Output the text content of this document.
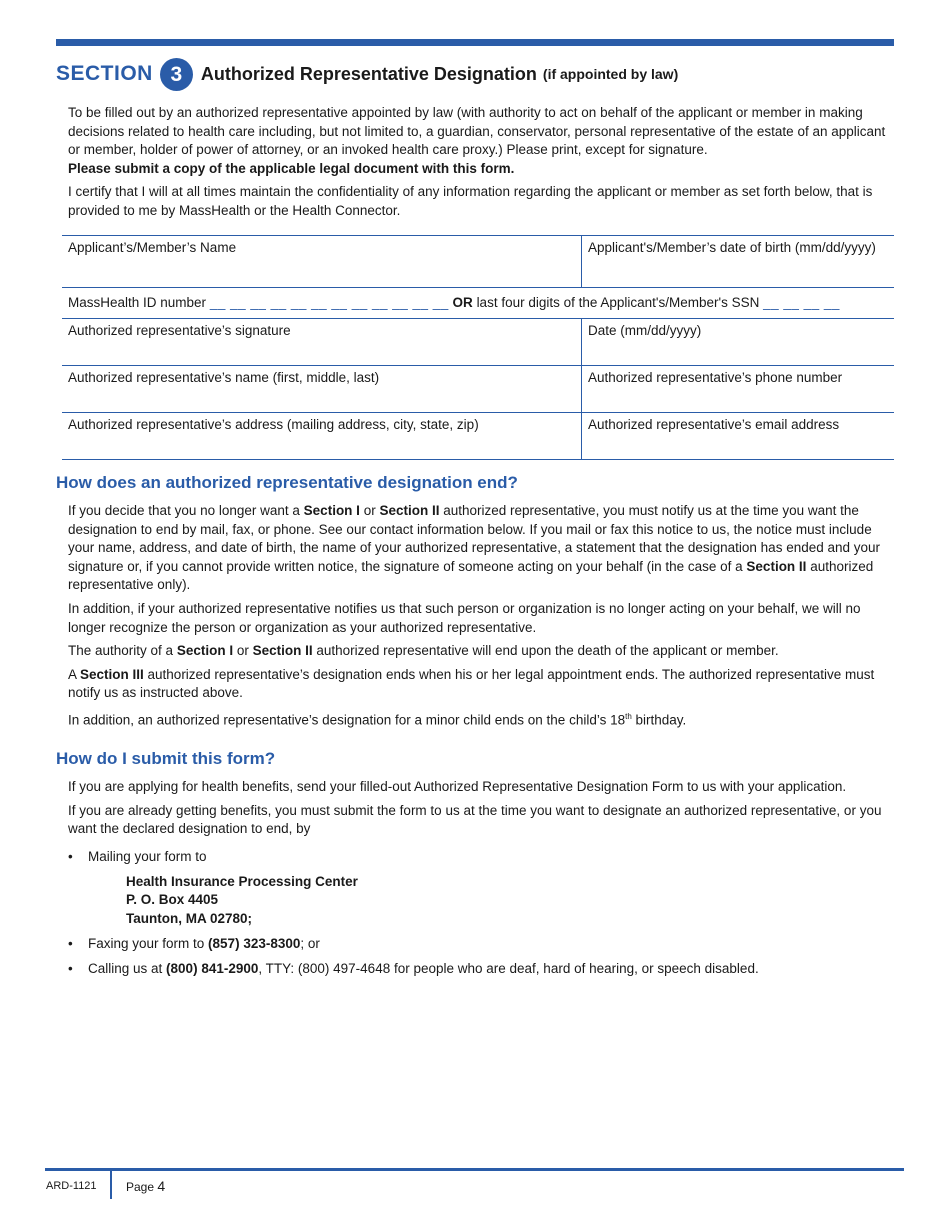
SECTION 3	Authorized Representative Designation (if appointed by law)

To be filled out by an authorized representative appointed by law (with authority to act on behalf of the applicant or member in making decisions related to health care including, but not limited to, a guardian, conservator, personal representative of the estate of an applicant or member, holder of power of attorney, or an invoked health care proxy.) Please print, except for signature.
Please submit a copy of the applicable legal document with this form.

I certify that I will at all times maintain the confidentiality of any information regarding the applicant or member as set forth below, that is provided to me by MassHealth or the Health Connector.

Applicant’s/Member’s Name	Applicant's/Member’s date of birth (mm/dd/yyyy)
MassHealth ID number __ __ __ __ __ __ __ __ __ __ __ __ OR last four digits of the Applicant's/Member's SSN __ __ __ __
Authorized representative’s signature	Date (mm/dd/yyyy)
Authorized representative’s name (first, middle, last)	Authorized representative’s phone number
Authorized representative’s address (mailing address, city, state, zip)	Authorized representative’s email address
How does an authorized representative designation end?

If you decide that you no longer want a Section I or Section II authorized representative, you must notify us at the time you want the designation to end by mail, fax, or phone. See our contact information below. If you mail or fax this notice to us, the notice must include your name, address, and date of birth, the name of your authorized representative, a statement that the designation has ended and your signature or, if you cannot provide written notice, the signature of someone acting on your behalf (in the case of a Section II authorized representative only).

In addition, if your authorized representative notifies us that such person or organization is no longer acting on your behalf, we will no longer recognize the person or organization as your authorized representative.

The authority of a Section I or Section II authorized representative will end upon the death of the applicant or member.

A Section III authorized representative’s designation ends when his or her legal appointment ends. The authorized representative must notify us as instructed above.

In addition, an authorized representative’s designation for a minor child ends on the child’s 18th birthday.

How do I submit this form?

If you are applying for health benefits, send your filled-out Authorized Representative Designation Form to us with your application.

If you are already getting benefits, you must submit the form to us at the time you want to designate an authorized representative, or you want the declared designation to end, by

•	Mailing your form to
Health Insurance Processing Center
P. O. Box 4405
Taunton, MA 02780;
•	Faxing your form to (857) 323-8300; or
•	Calling us at (800) 841-2900, TTY: (800) 497-4648 for people who are deaf, hard of hearing, or speech disabled.
ARD-1121 Page 4
